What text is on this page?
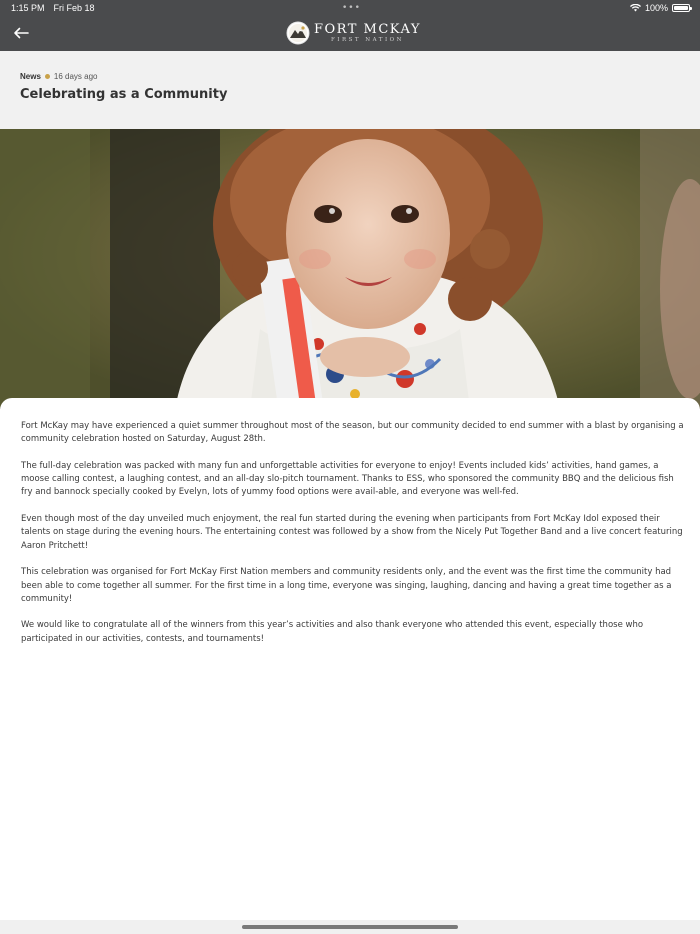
1:15 PM Fri Feb 18	•••	100%
FORT MCKAY
FIRST NATION
News 16 days ago
Celebrating as a Community

Fort McKay may have experienced a quiet summer throughout most of the season, but our community decided to end summer with a blast by organising a community celebration hosted on Saturday, August 28th.

The full-day celebration was packed with many fun and unforgettable activities for everyone to enjoy! Events included kids’ activities, hand games, a moose calling contest, a laughing contest, and an all-day slo-pitch tournament. Thanks to ESS, who sponsored the community BBQ and the delicious fish fry and bannock specially cooked by Evelyn, lots of yummy food options were avail-able, and everyone was well-fed.

Even though most of the day unveiled much enjoyment, the real fun started during the evening when participants from Fort McKay Idol exposed their talents on stage during the evening hours. The entertaining contest was followed by a show from the Nicely Put Together Band and a live concert featuring Aaron Pritchett!

This celebration was organised for Fort McKay First Nation members and community residents only, and the event was the first time the community had been able to come together all summer. For the first time in a long time, everyone was singing, laughing, dancing and having a great time together as a community!

We would like to congratulate all of the winners from this year’s activities and also thank everyone who attended this event, especially those who participated in our activities, contests, and tournaments!
